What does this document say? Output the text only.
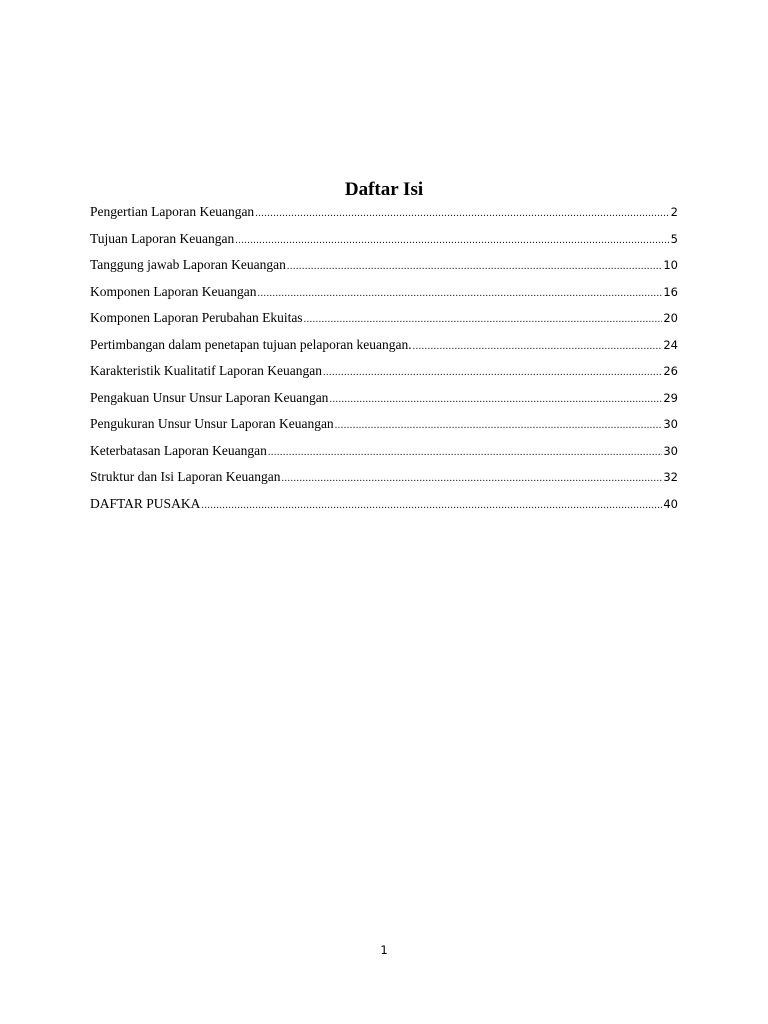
Daftar Isi
Pengertian Laporan Keuangan .....	2
Tujuan Laporan Keuangan .....	5
Tanggung jawab Laporan Keuangan .....	10
Komponen Laporan Keuangan .....	16
Komponen Laporan Perubahan Ekuitas .....	20
Pertimbangan dalam penetapan tujuan pelaporan keuangan. .....	24
Karakteristik Kualitatif Laporan Keuangan .....	26
Pengakuan Unsur Unsur Laporan Keuangan .....	29
Pengukuran Unsur Unsur Laporan Keuangan .....	30
Keterbatasan Laporan Keuangan .....	30
Struktur dan Isi Laporan Keuangan .....	32
DAFTAR PUSAKA .....	40
1
